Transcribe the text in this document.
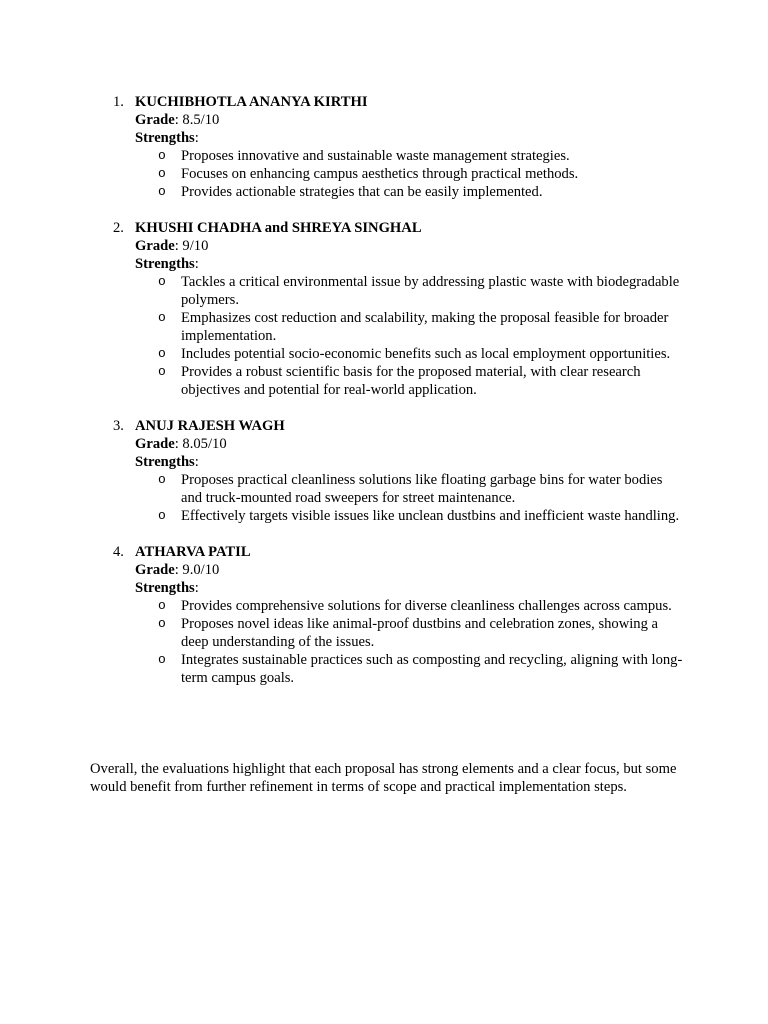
1. KUCHIBHOTLA ANANYA KIRTHI
Grade: 8.5/10
Strengths:
o Proposes innovative and sustainable waste management strategies.
o Focuses on enhancing campus aesthetics through practical methods.
o Provides actionable strategies that can be easily implemented.
2. KHUSHI CHADHA and SHREYA SINGHAL
Grade: 9/10
Strengths:
o Tackles a critical environmental issue by addressing plastic waste with biodegradable polymers.
o Emphasizes cost reduction and scalability, making the proposal feasible for broader implementation.
o Includes potential socio-economic benefits such as local employment opportunities.
o Provides a robust scientific basis for the proposed material, with clear research objectives and potential for real-world application.
3. ANUJ RAJESH WAGH
Grade: 8.05/10
Strengths:
o Proposes practical cleanliness solutions like floating garbage bins for water bodies and truck-mounted road sweepers for street maintenance.
o Effectively targets visible issues like unclean dustbins and inefficient waste handling.
4. ATHARVA PATIL
Grade: 9.0/10
Strengths:
o Provides comprehensive solutions for diverse cleanliness challenges across campus.
o Proposes novel ideas like animal-proof dustbins and celebration zones, showing a deep understanding of the issues.
o Integrates sustainable practices such as composting and recycling, aligning with long-term campus goals.

Overall, the evaluations highlight that each proposal has strong elements and a clear focus, but some would benefit from further refinement in terms of scope and practical implementation steps.
